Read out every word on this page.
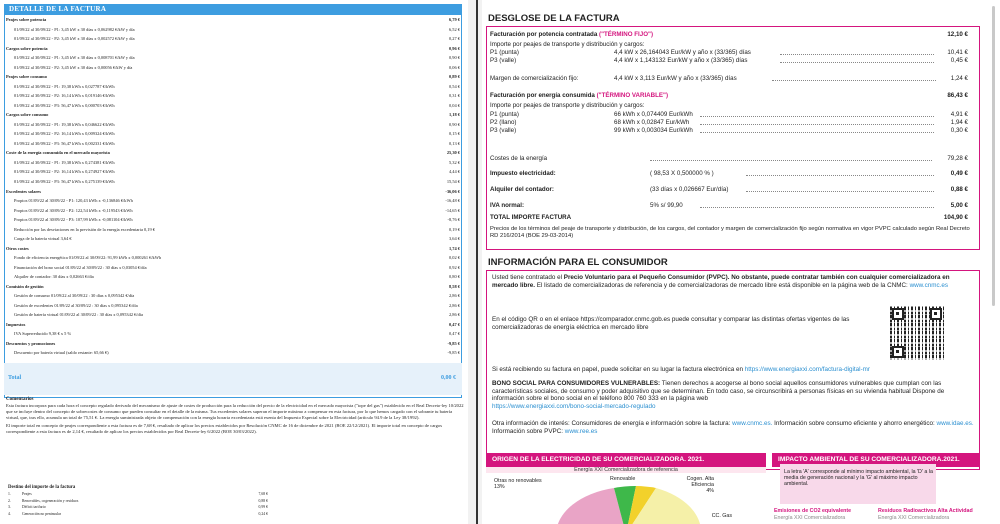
DETALLE DE LA FACTURA
Peajes sobre potencia	6,79 €
01/09/22 al 30/09/22 - P1: 3,45 kW x 30 días x 0,062982 €/kW y día	6,52 €
01/09/22 al 30/09/22 - P2: 3,45 kW x 30 días x 0,002572 €/kW y día	0,27 €
Cargos sobre potencia	0,96 €
01/09/22 al 30/09/22 - P1: 3,45 kW x 30 días x 0,008701 €/kW y día	0,90 €
01/09/22 al 30/09/22 - P2: 3,45 kW x 30 días x 0,00056 €/kW y día	0,06 €
Peajes sobre consumo	0,89 €
01/09/22 al 30/09/22 - P1: 19,38 kWh x 0,027787 €/kWh	0,54 €
01/09/22 al 30/09/22 - P2: 16,14 kWh x 0,019146 €/kWh	0,31 €
01/09/22 al 30/09/22 - P3: 56,47 kWh x 0,000703 €/kWh	0,04 €
Cargos sobre consumo	1,18 €
01/09/22 al 30/09/22 - P1: 19,38 kWh x 0,046622 €/kWh	0,90 €
01/09/22 al 30/09/22 - P2: 16,14 kWh x 0,009324 €/kWh	0,15 €
01/09/22 al 30/09/22 - P3: 56,47 kWh x 0,002331 €/kWh	0,13 €
Coste de la energía consumida en el mercado mayorista	25,30 €
01/09/22 al 30/09/22 - P1: 19,38 kWh x 0,274381 €/kWh	5,32 €
01/09/22 al 30/09/22 - P2: 16,14 kWh x 0,274927 €/kWh	4,44 €
01/09/22 al 30/09/22 - P3: 56,47 kWh x 0,275139 €/kWh	15,54 €
Excedentes solares	-36,06 €
Propios 01/09/22 al 30/09/22 - P1: 120,43 kWh x -0,136846 €/kWh	-16,48 €
Propios 01/09/22 al 30/09/22 - P2: 122,54 kWh x -0,119543 €/kWh	-14,65 €
Propios 01/09/22 al 30/09/22 - P3: 107,99 kWh x -0,081104 €/kWh	-8,76 €
Reducción por las desviaciones en la previsión de la energía excedentaria 0,19 €	0,19 €
Carga de la batería virtual 3,64 €	3,64 €
Otros costes	1,74 €
Fondo de eficiencia energética 01/09/22 al 30/09/22: 91,99 kWh x 0,000261 €/kWh	0,02 €
Financiación del bono social 01/09/22 al 30/09/22 : 30 días x 0,03054 €/día	0,92 €
Alquiler de contador: 30 días x 0,02663 €/día	0,80 €
Comisión de gestión	8,58 €
Gestión de consumo 01/09/22 al 30/09/22 : 30 días x 0,095342 €/día	2,86 €
Gestión de excedentes 01/09/22 al 30/09/22 : 30 días x 0,095342 €/día	2,86 €
Gestión de batería virtual 01/09/22 al 30/09/22 : 30 días x 0,095342 €/día	2,86 €
Impuestos	0,47 €
IVA Superreducido 9,38 € x 5 %	0,47 €
Descuentos y promociones	-9,85 €
Descuento por batería virtual (saldo restante: 65,66 €)	-9,85 €
Total	0,00 €
Comentarios

Esta factura incorpora para cada hora el concepto regulado derivado del mecanismo de ajuste de costes de producción para la reducción del precio de la electricidad en el mercado mayorista ("tope del gas") establecido en el Real Decreto-ley 10/2022 que se incluye dentro del concepto de sobrecostes de consumo que pueden consultar en el detalle de la misma. Tus excedentes solares superan el importe máximo a compensar en esta factura, por lo que hemos cargado con el sobrante tu batería virtual, que, tras ello, acumula un total de 75,51 €. La energía suministrada objeto de compensación con la energía horaria excedentaria está exenta del Impuesto Especial sobre la Electricidad (artículo 94.9 de la Ley 38/1992).

El importe total en concepto de peajes correspondiente a esta factura es de 7,68 €, resultado de aplicar los precios establecidos por Resolución CNMC de 16 de diciembre de 2021 (BOE 22/12/2021). El importe total en concepto de cargos correspondiente a esta factura es de 2,14 €, resultado de aplicar los precios establecidos por Real Decreto-ley 6/2022 (BOE 30/03/2022).

Destino del importe de la factura
1.	Peajes	7,68 €
2.	Renovables, cogeneración y residuos	0,88 €
3.	Déficit tarifario	0,99 €
4.	Generación no peninsular	0,24 €
DESGLOSE DE LA FACTURA
Facturación por potencia contratada ("TÉRMINO FIJO")	12,10 €
Importe por peajes de transporte y distribución y cargos:
P1 (punta)	4,4 kW x 26,164043 Eur/kW y año x (33/365) días	10,41 €
P3 (valle)	4,4 kW x 1,143132 Eur/kW y año x (33/365) días	0,45 €
Margen de comercialización fijo:	4,4 kW x 3,113 Eur/kW y año x (33/365) días	1,24 €
Facturación por energía consumida ("TÉRMINO VARIABLE")	86,43 €
Importe por peajes de transporte y distribución y cargos:
P1 (punta)	66 kWh x 0,074409 Eur/kWh	4,91 €
P2 (llano)	68 kWh x 0,02847 Eur/kWh	1,94 €
P3 (valle)	99 kWh x 0,003034 Eur/kWh	0,30 €
Costes de la energía	79,28 €
Impuesto electricidad:	( 98,53 X 0,500000 % )	0,49 €
Alquiler del contador:	(33 días x 0,026667 Eur/día)	0,88 €
IVA normal:	5% s/ 99,90	5,00 €
TOTAL IMPORTE FACTURA	104,90 €
Precios de los términos del peaje de transporte y distribución, de los cargos, del contador y margen de comercialización fijo según normativa en vigor PVPC calculado según Real Decreto RD 216/2014 (BOE 29-03-2014)
INFORMACIÓN PARA EL CONSUMIDOR
Usted tiene contratado el Precio Voluntario para el Pequeño Consumidor (PVPC). No obstante, puede contratar también con cualquier comercializadora en mercado libre. El listado de comercializadoras de referencia y de comercializadoras de mercado libre está disponible en la página web de la CNMC: www.cnmc.es
En el código QR o en el enlace https://comparador.cnmc.gob.es puede consultar y comparar las distintas ofertas vigentes de las comercializadoras de energía eléctrica en mercado libre
Si está recibiendo su factura en papel, puede solicitar en su lugar la factura electrónica en https://www.energiaxxi.com/factura-digital-mr
BONO SOCIAL PARA CONSUMIDORES VULNERABLES: Tienen derechos a acogerse al bono social aquellos consumidores vulnerables que cumplan con las características sociales, de consumo y poder adquisitivo que se determinan. En todo caso, se circunscribirá a personas físicas en su vivienda habitual Dispone de información sobre el bono social en el teléfono 800 760 333 en la página web
https://www.energiaxxi.com/bono-social-mercado-regulado
Otra información de interés: Consumidores de energía e información sobre la factura: www.cnmc.es. Información sobre consumo eficiente y ahorro energético: www.idae.es. Información sobre PVPC: www.ree.es
ORIGEN DE LA ELECTRICIDAD DE SU COMERCIALIZADORA. 2021.	IMPACTO AMBIENTAL DE SU COMERCIALIZADORA.2021.
Energía XXI Comercializadora de referencia
Otras no renovables
13%
Renovable
6%
Cogen. Alta Eficiencia
4%
CC. Gas
La letra 'A' corresponde al mínimo impacto ambiental, la 'D' a la media de generación nacional y la 'G' al máximo impacto ambiental.
Emisiones de CO2 equivalente
Energía XXI Comercializadora
Residuos Radioactivos Alta Actividad
Energía XXI Comercializadora
